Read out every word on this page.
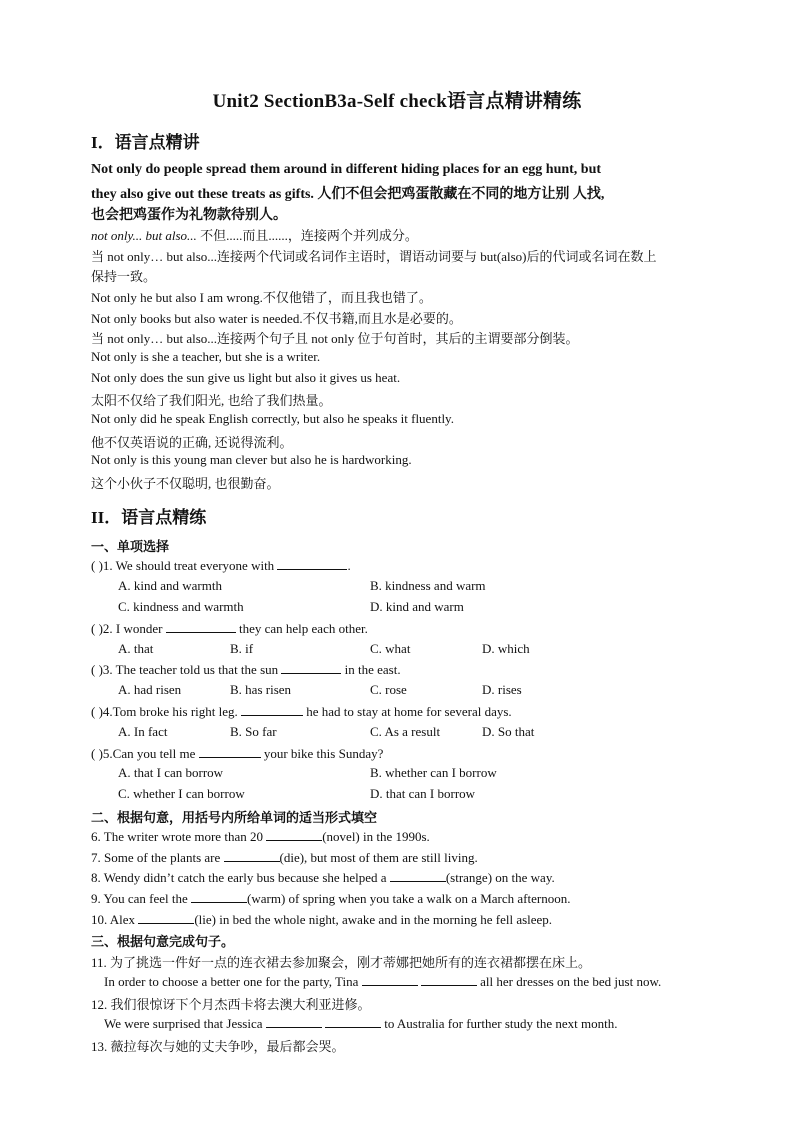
Unit2 SectionB3a-Self check语言点精讲精练
I．语言点精讲
Not only do people spread them around in different hiding places for an egg hunt, but
they also give out these treats as gifts. 人们不但会把鸡蛋散藏在不同的地方让别 人找,
也会把鸡蛋作为礼物款待别人。
not only... but also... 不但.....而且......，连接两个并列成分。
当 not only… but also...连接两个代词或名词作主语时，谓语动词要与 but(also)后的代词或名词在数上
保持一致。
Not only he but also I am wrong.不仅他错了，而且我也错了。
Not only books but also water is needed.不仅书籍,而且水是必要的。
当 not only… but also...连接两个句子且 not only 位于句首时，其后的主谓要部分倒装。
Not only is she a teacher, but she is a writer.
Not only does the sun give us light but also it gives us heat.
太阳不仅给了我们阳光, 也给了我们热量。
Not only did he speak English correctly, but also he speaks it fluently.
他不仅英语说的正确, 还说得流利。
Not only is this young man clever but also he is hardworking.
这个小伙子不仅聪明, 也很勤奋。
II．语言点精练
一、单项选择
( )1. We should treat everyone with	.
A. kind and warmth	B. kindness and warm
C. kindness and warmth	D. kind and warm
( )2. I wonder	they can help each other.
A. that	B. if	C. what	D. which
( )3. The teacher told us that the sun	in the east.
A. had risen	B. has risen	C. rose	D. rises
( )4.Tom broke his right leg.	he had to stay at home for several days.
A. In fact	B. So far	C. As a result	D. So that
( )5.Can you tell me	your bike this Sunday?
A. that I can borrow	B. whether can I borrow
C. whether I can borrow	D. that can I borrow
二、根据句意，用括号内所给单词的适当形式填空
6. The writer wrote more than 20	(novel) in the 1990s.
7. Some of the plants are	(die), but most of them are still living.
8. Wendy didn’t catch the early bus because she helped a	(strange) on the way.
9. You can feel the	(warm) of spring when you take a walk on a March afternoon.
10. Alex	(lie) in bed the whole night, awake and in the morning he fell asleep.
三、根据句意完成句子。
11. 为了挑选一件好一点的连衣裙去参加聚会，刚才蒂娜把她所有的连衣裙都摆在床上。
In order to choose a better one for the party, Tina	all her dresses on the bed just now.
12. 我们很惊讶下个月杰西卡将去澳大利亚进修。
We were surprised that Jessica	to Australia for further study the next month.
13. 薇拉每次与她的丈夫争吵，最后都会哭。
